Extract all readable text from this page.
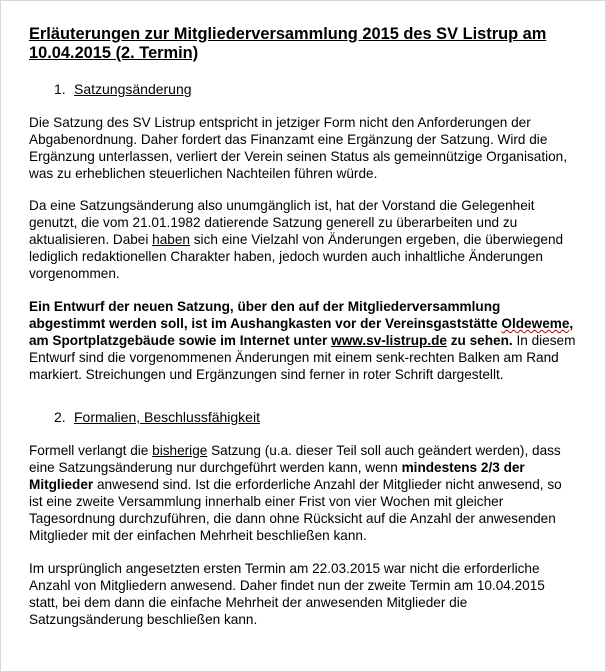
Erläuterungen zur Mitgliederversammlung 2015 des SV Listrup am 10.04.2015 (2. Termin)
1. Satzungsänderung

Die Satzung des SV Listrup entspricht in jetziger Form nicht den Anforderungen der Abgabenordnung. Daher fordert das Finanzamt eine Ergänzung der Satzung. Wird die Ergänzung unterlassen, verliert der Verein seinen Status als gemeinnützige Organisation, was zu erheblichen steuerlichen Nachteilen führen würde.

Da eine Satzungsänderung also unumgänglich ist, hat der Vorstand die Gelegenheit genutzt, die vom 21.01.1982 datierende Satzung generell zu überarbeiten und zu aktualisieren. Dabei haben sich eine Vielzahl von Änderungen ergeben, die überwiegend lediglich redaktionellen Charakter haben, jedoch wurden auch inhaltliche Änderungen vorgenommen.

Ein Entwurf der neuen Satzung, über den auf der Mitgliederversammlung abgestimmt werden soll, ist im Aushangkasten vor der Vereinsgaststätte Oldeweme, am Sportplatzgebäude sowie im Internet unter www.sv-listrup.de zu sehen. In diesem Entwurf sind die vorgenommenen Änderungen mit einem senk-rechten Balken am Rand markiert. Streichungen und Ergänzungen sind ferner in roter Schrift dargestellt.

2. Formalien, Beschlussfähigkeit

Formell verlangt die bisherige Satzung (u.a. dieser Teil soll auch geändert werden), dass eine Satzungsänderung nur durchgeführt werden kann, wenn mindestens 2/3 der Mitglieder anwesend sind. Ist die erforderliche Anzahl der Mitglieder nicht anwesend, so ist eine zweite Versammlung innerhalb einer Frist von vier Wochen mit gleicher Tagesordnung durchzuführen, die dann ohne Rücksicht auf die Anzahl der anwesenden Mitglieder mit der einfachen Mehrheit beschließen kann.

Im ursprünglich angesetzten ersten Termin am 22.03.2015 war nicht die erforderliche Anzahl von Mitgliedern anwesend. Daher findet nun der zweite Termin am 10.04.2015 statt, bei dem dann die einfache Mehrheit der anwesenden Mitglieder die Satzungsänderung beschließen kann.
